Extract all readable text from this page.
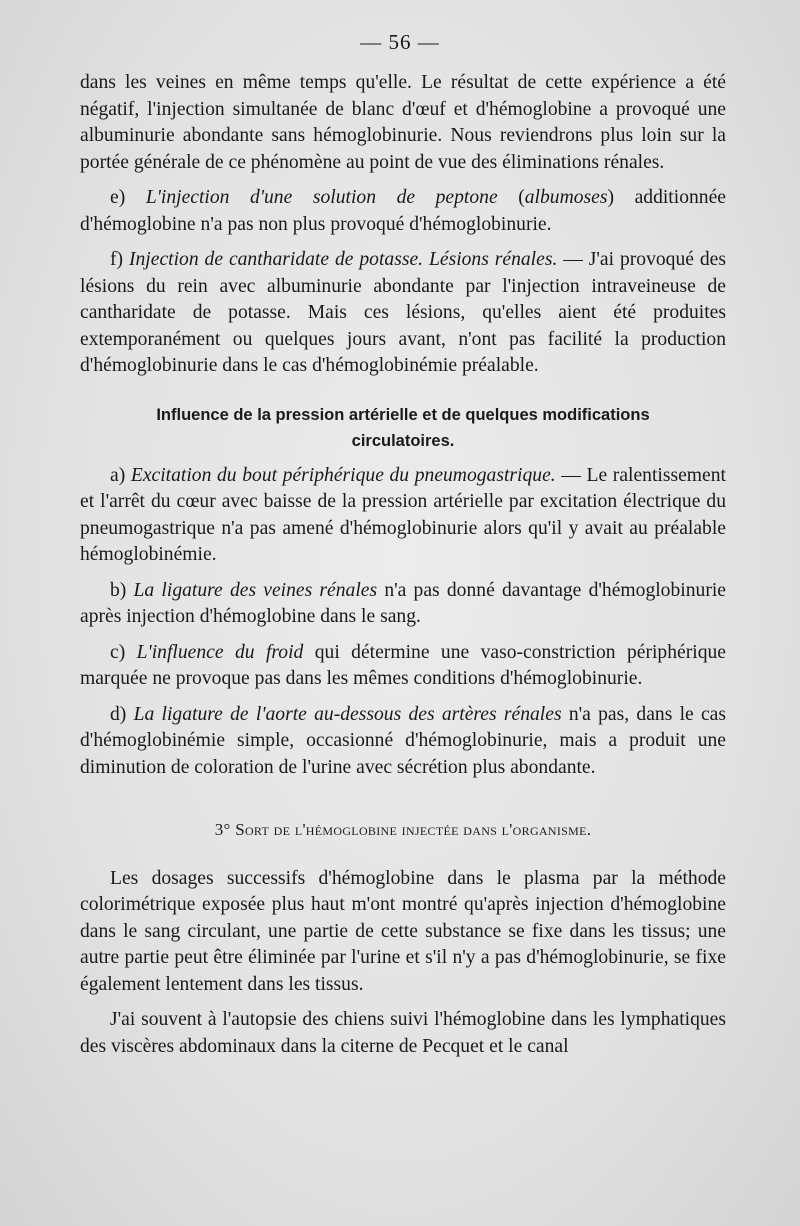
— 56 —

dans les veines en même temps qu'elle. Le résultat de cette expérience a été négatif, l'injection simultanée de blanc d'œuf et d'hémoglobine a provoqué une albuminurie abondante sans hémoglobinurie. Nous reviendrons plus loin sur la portée générale de ce phénomène au point de vue des éliminations rénales.

e) L'injection d'une solution de peptone (albumoses) additionnée d'hémoglobine n'a pas non plus provoqué d'hémoglobinurie.

f) Injection de cantharidate de potasse. Lésions rénales. — J'ai provoqué des lésions du rein avec albuminurie abondante par l'injection intraveineuse de cantharidate de potasse. Mais ces lésions, qu'elles aient été produites extemporanément ou quelques jours avant, n'ont pas facilité la production d'hémoglobinurie dans le cas d'hémoglobinémie préalable.

Influence de la pression artérielle et de quelques modifications circulatoires.

a) Excitation du bout périphérique du pneumogastrique. — Le ralentissement et l'arrêt du cœur avec baisse de la pression artérielle par excitation électrique du pneumogastrique n'a pas amené d'hémoglobinurie alors qu'il y avait au préalable hémoglobinémie.

b) La ligature des veines rénales n'a pas donné davantage d'hémoglobinurie après injection d'hémoglobine dans le sang.

c) L'influence du froid qui détermine une vaso-constriction périphérique marquée ne provoque pas dans les mêmes conditions d'hémoglobinurie.

d) La ligature de l'aorte au-dessous des artères rénales n'a pas, dans le cas d'hémoglobinémie simple, occasionné d'hémoglobinurie, mais a produit une diminution de coloration de l'urine avec sécrétion plus abondante.

3° Sort de l'hémoglobine injectée dans l'organisme.

Les dosages successifs d'hémoglobine dans le plasma par la méthode colorimétrique exposée plus haut m'ont montré qu'après injection d'hémoglobine dans le sang circulant, une partie de cette substance se fixe dans les tissus; une autre partie peut être éliminée par l'urine et s'il n'y a pas d'hémoglobinurie, se fixe également lentement dans les tissus.

J'ai souvent à l'autopsie des chiens suivi l'hémoglobine dans les lymphatiques des viscères abdominaux dans la citerne de Pecquet et le canal
